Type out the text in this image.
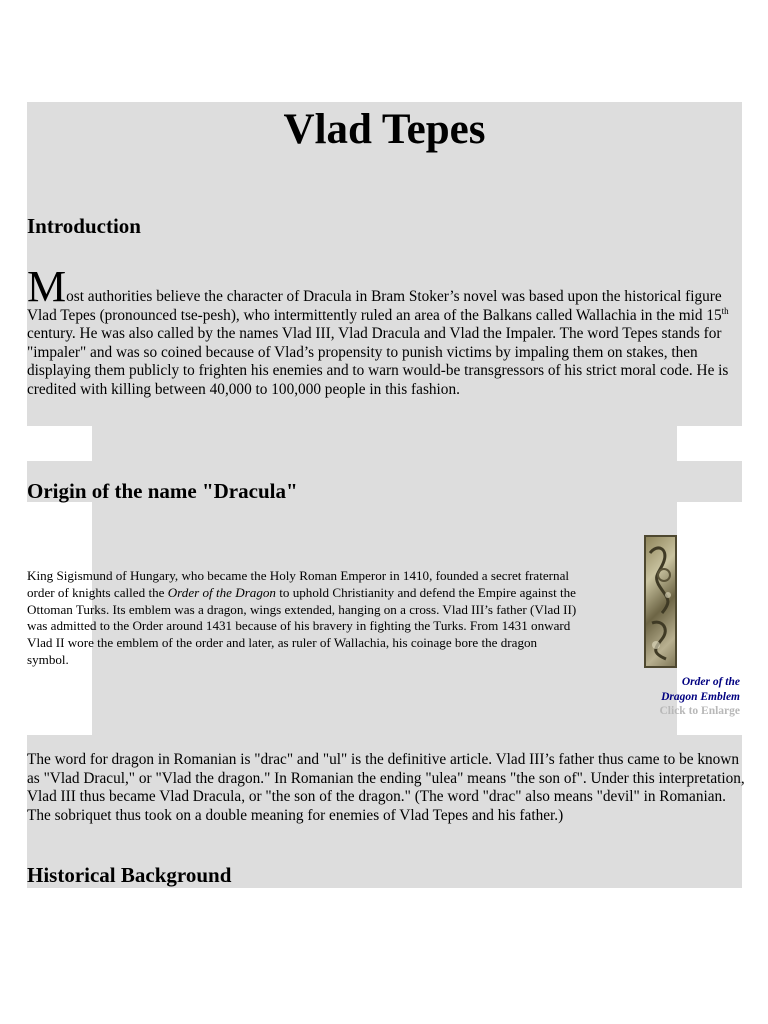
Vlad Tepes
Introduction

Most authorities believe the character of Dracula in Bram Stoker’s novel was based upon the historical figure Vlad Tepes (pronounced tse-pesh), who intermittently ruled an area of the Balkans called Wallachia in the mid 15th century. He was also called by the names Vlad III, Vlad Dracula and Vlad the Impaler. The word Tepes stands for "impaler" and was so coined because of Vlad’s propensity to punish victims by impaling them on stakes, then displaying them publicly to frighten his enemies and to warn would-be transgressors of his strict moral code. He is credited with killing between 40,000 to 100,000 people in this fashion.

Origin of the name "Dracula"

King Sigismund of Hungary, who became the Holy Roman Emperor in 1410, founded a secret fraternal order of knights called the Order of the Dragon to uphold Christianity and defend the Empire against the Ottoman Turks. Its emblem was a dragon, wings extended, hanging on a cross. Vlad III’s father (Vlad II) was admitted to the Order around 1431 because of his bravery in fighting the Turks. From 1431 onward Vlad II wore the emblem of the order and later, as ruler of Wallachia, his coinage bore the dragon symbol.

Order of the
Dragon Emblem
Click to Enlarge

The word for dragon in Romanian is "drac" and "ul" is the definitive article. Vlad III’s father thus came to be known as "Vlad Dracul," or "Vlad the dragon." In Romanian the ending "ulea" means "the son of". Under this interpretation, Vlad III thus became Vlad Dracula, or "the son of the dragon." (The word "drac" also means "devil" in Romanian. The sobriquet thus took on a double meaning for enemies of Vlad Tepes and his father.)

Historical Background
